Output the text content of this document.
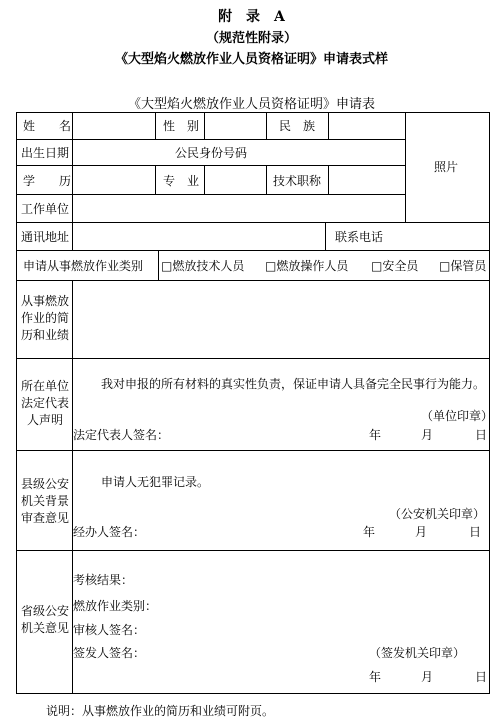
附　录　A
（规范性附录）
《大型焰火燃放作业人员资格证明》申请表式样
《大型焰火燃放作业人员资格证明》申请表
姓　　名	性　别	民　族
照片
出生日期	公民身份号码
学　　历	专　业	技术职称
工作单位
通讯地址	联系电话
申请从事燃放作业类别 □燃放技术人员 □燃放操作人员 □安全员 □保管员
从事燃放作业的简历和业绩
所在单位法定代表人声明
我对申报的所有材料的真实性负责，保证申请人具备完全民事行为能力。
（单位印章）
法定代表人签名：	年	月	日
县级公安机关背景审查意见
申请人无犯罪记录。
（公安机关印章）
经办人签名：	年	月	日
省级公安机关意见
考核结果：
燃放作业类别：
审核人签名：
签发人签名：	（签发机关印章）
年	月	日
说明：从事燃放作业的简历和业绩可附页。
